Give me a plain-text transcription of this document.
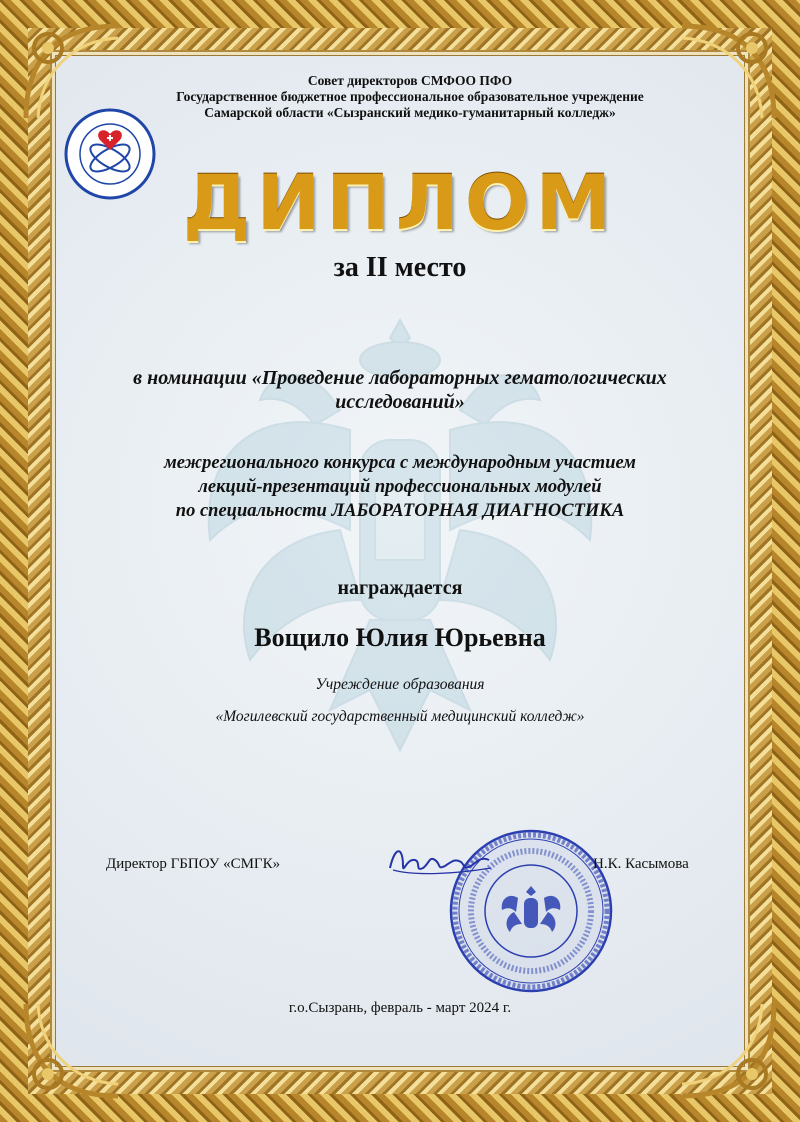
Совет директоров СМФОО ПФО
Государственное бюджетное профессиональное образовательное учреждение
Самарской области «Сызранский медико-гуманитарный колледж»
ДИПЛОМ
за II место
в номинации «Проведение лабораторных гематологических
исследований»
межрегионального конкурса с международным участием
лекций-презентаций профессиональных модулей
по специальности ЛАБОРАТОРНАЯ ДИАГНОСТИКА
награждается
Вощило Юлия Юрьевна
Учреждение образования
«Могилевский государственный медицинский колледж»
Директор ГБПОУ «СМГК»	Н.К. Касымова
г.о.Сызрань, февраль - март 2024 г.
